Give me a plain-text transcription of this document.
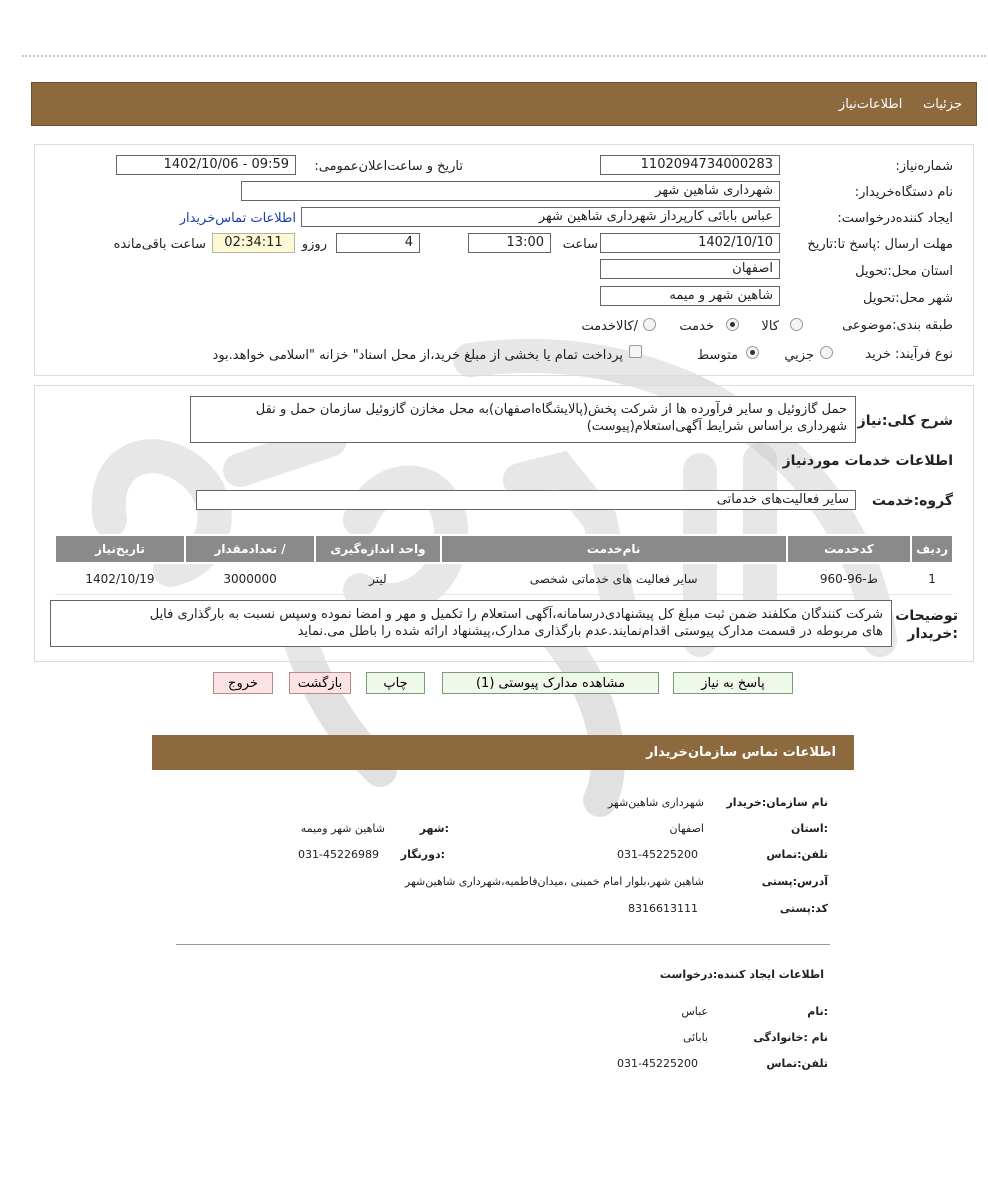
جزئیات     اطلاعات‌نیاز
شماره‌نیاز:
1102094734000283
تاریخ و ساعت‌اعلان‌عمومی:
1402/10/06 - 09:59
نام دستگاه‌خریدار:
شهرداری شاهین شهر
ایجاد کننده‌درخواست:
عباس بابائی کارپرداز شهرداری شاهین شهر
اطلاعات تماس‌خریدار
مهلت ارسال :پاسخ تا:تاریخ
1402/10/10
ساعت
13:00
4
روزو
02:34:11
ساعت باقی‌مانده
استان محل:تحویل
اصفهان
شهر محل:تحویل
شاهین شهر و میمه
طبقه بندی:موضوعی
کالا
خدمت
/کالاخدمت
نوع فرآیند: خرید
جزیي
متوسط
پرداخت تمام یا بخشی از مبلغ خرید،از محل اسناد" خزانه "اسلامی خواهد.بود
شرح کلی:نیاز
حمل گازوئیل و سایر فرآورده ها از شرکت پخش(پالایشگاه‌اصفهان)به محل مخازن گازوئیل سازمان حمل و نقل
شهرداری براساس شرایط آگهی‌استعلام(پیوست)
اطلاعات خدمات موردنیاز
گروه:خدمت
سایر فعالیت‌های خدماتی
ردیف	کدخدمت	نام‌خدمت	واحد اندازه‌گیری	/ تعدادمقدار	تاریخ‌نیاز
1	ط-96-960	سایر فعالیت های خدماتی شخصی	لیتر	3000000	1402/10/19
توضیحات
:خریدار
شرکت کنندگان مکلفند ضمن ثبت مبلغ کل پیشنهادی‌درسامانه،آگهی استعلام را تکمیل و مهر و امضا نموده وسپس نسبت به بارگذاری فایل
های مربوطه در قسمت مدارک پیوستی اقدام‌نمایند.عدم بارگذاری مدارک،پیشنهاد ارائه شده را باطل می.نماید
پاسخ به نیاز
مشاهده مدارک پیوستی (1)
چاپ
بازگشت
خروج
اطلاعات تماس سازمان‌خریدار
نام سازمان:خریدار
شهرداری شاهین‌شهر
:استان
اصفهان
:شهر
شاهین شهر ومیمه
تلفن:تماس
031-45225200
:دورنگار
031-45226989
آدرس:پستی
شاهین شهر،بلوار امام خمینی ،میدان‌فاطمیه،شهرداری شاهین‌شهر
کد:پستی
8316613111
اطلاعات ایجاد کننده:درخواست
:نام
عباس
نام :خانوادگی
بابائی
تلفن:تماس
031-45225200
